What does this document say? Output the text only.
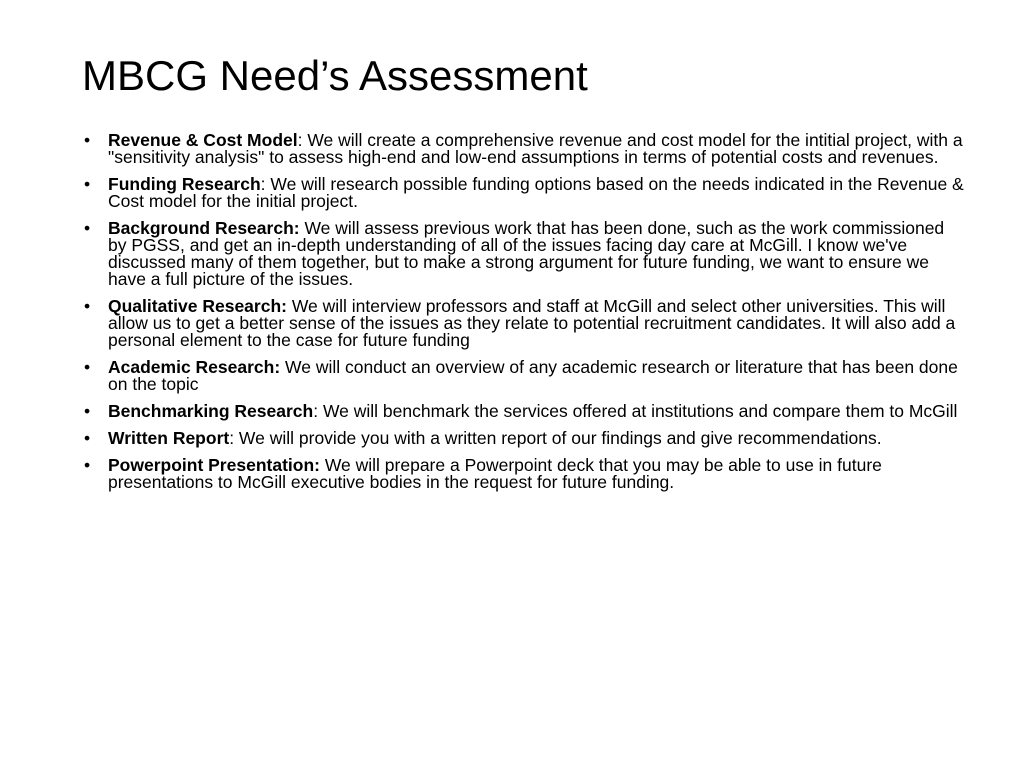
MBCG Need’s Assessment
• Revenue & Cost Model: We will create a comprehensive revenue and cost model for the intitial project, with a "sensitivity analysis" to assess high-end and low-end assumptions in terms of potential costs and revenues.
• Funding Research: We will research possible funding options based on the needs indicated in the Revenue & Cost model for the initial project.
• Background Research: We will assess previous work that has been done, such as the work commissioned by PGSS, and get an in-depth understanding of all of the issues facing day care at McGill. I know we've discussed many of them together, but to make a strong argument for future funding, we want to ensure we have a full picture of the issues.
• Qualitative Research: We will interview professors and staff at McGill and select other universities. This will allow us to get a better sense of the issues as they relate to potential recruitment candidates. It will also add a personal element to the case for future funding
• Academic Research: We will conduct an overview of any academic research or literature that has been done on the topic
• Benchmarking Research: We will benchmark the services offered at institutions and compare them to McGill
• Written Report: We will provide you with a written report of our findings and give recommendations.
• Powerpoint Presentation: We will prepare a Powerpoint deck that you may be able to use in future presentations to McGill executive bodies in the request for future funding.
